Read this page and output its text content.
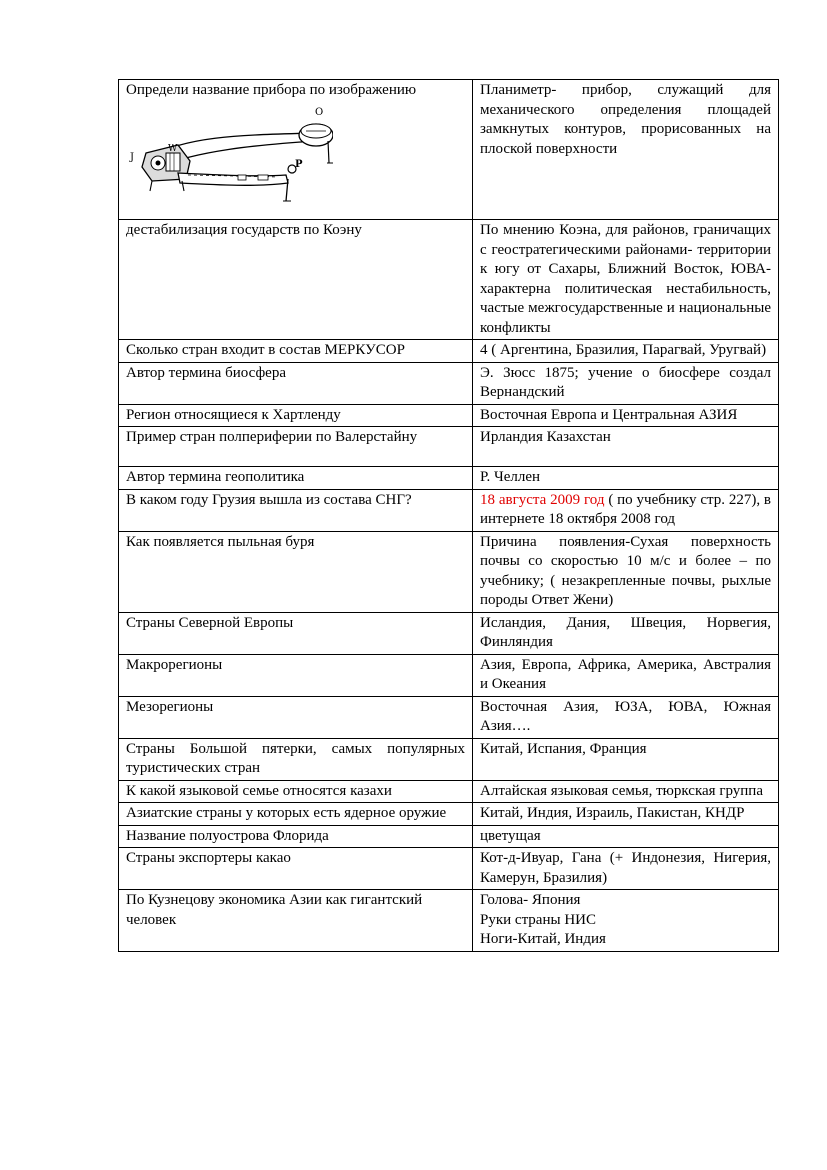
Определи название прибора по изображению
O
J
W
P
	Планиметр- прибор, служащий для механического определения площадей замкнутых контуров, прорисованных на плоской поверхности
дестабилизация государств по Коэну	По мнению Коэна, для районов, граничащих с геостратегическими районами- территории к югу от Сахары, Ближний Восток, ЮВА-характерна политическая нестабильность, частые межгосударственные и национальные конфликты
Сколько стран входит в состав МЕРКУСОР	4 ( Аргентина, Бразилия, Парагвай, Уругвай)
Автор термина биосфера	Э. Зюсс 1875; учение о биосфере создал Вернандский
Регион относящиеся к Хартленду	Восточная Европа и Центральная АЗИЯ
Пример стран полпериферии по Валерстайну	Ирландия Казахстан
Автор термина геополитика	Р. Челлен
В каком году Грузия вышла из состава СНГ?	18 августа 2009 год ( по учебнику стр. 227), в интернете 18 октября 2008 год
Как появляется пыльная буря	Причина появления-Сухая поверхность почвы со скоростью 10 м/с и более – по учебнику; ( незакрепленные почвы, рыхлые породы Ответ Жени)
Страны Северной Европы	Исландия, Дания, Швеция, Норвегия, Финляндия
Макрорегионы	Азия, Европа, Африка, Америка, Австралия и Океания
Мезорегионы	Восточная Азия, ЮЗА, ЮВА, Южная Азия….
Страны Большой пятерки, самых популярных туристических стран	Китай, Испания, Франция
К какой языковой семье относятся казахи	Алтайская языковая семья, тюркская группа
Азиатские страны у которых есть ядерное оружие	Китай, Индия, Израиль, Пакистан, КНДР
Название полуострова Флорида	цветущая
Страны экспортеры какао	Кот-д-Ивуар, Гана (+ Индонезия, Нигерия, Камерун, Бразилия)
По Кузнецову экономика Азии как гигантский человек	
Голова- Япония
Руки страны НИС
Ноги-Китай, Индия
